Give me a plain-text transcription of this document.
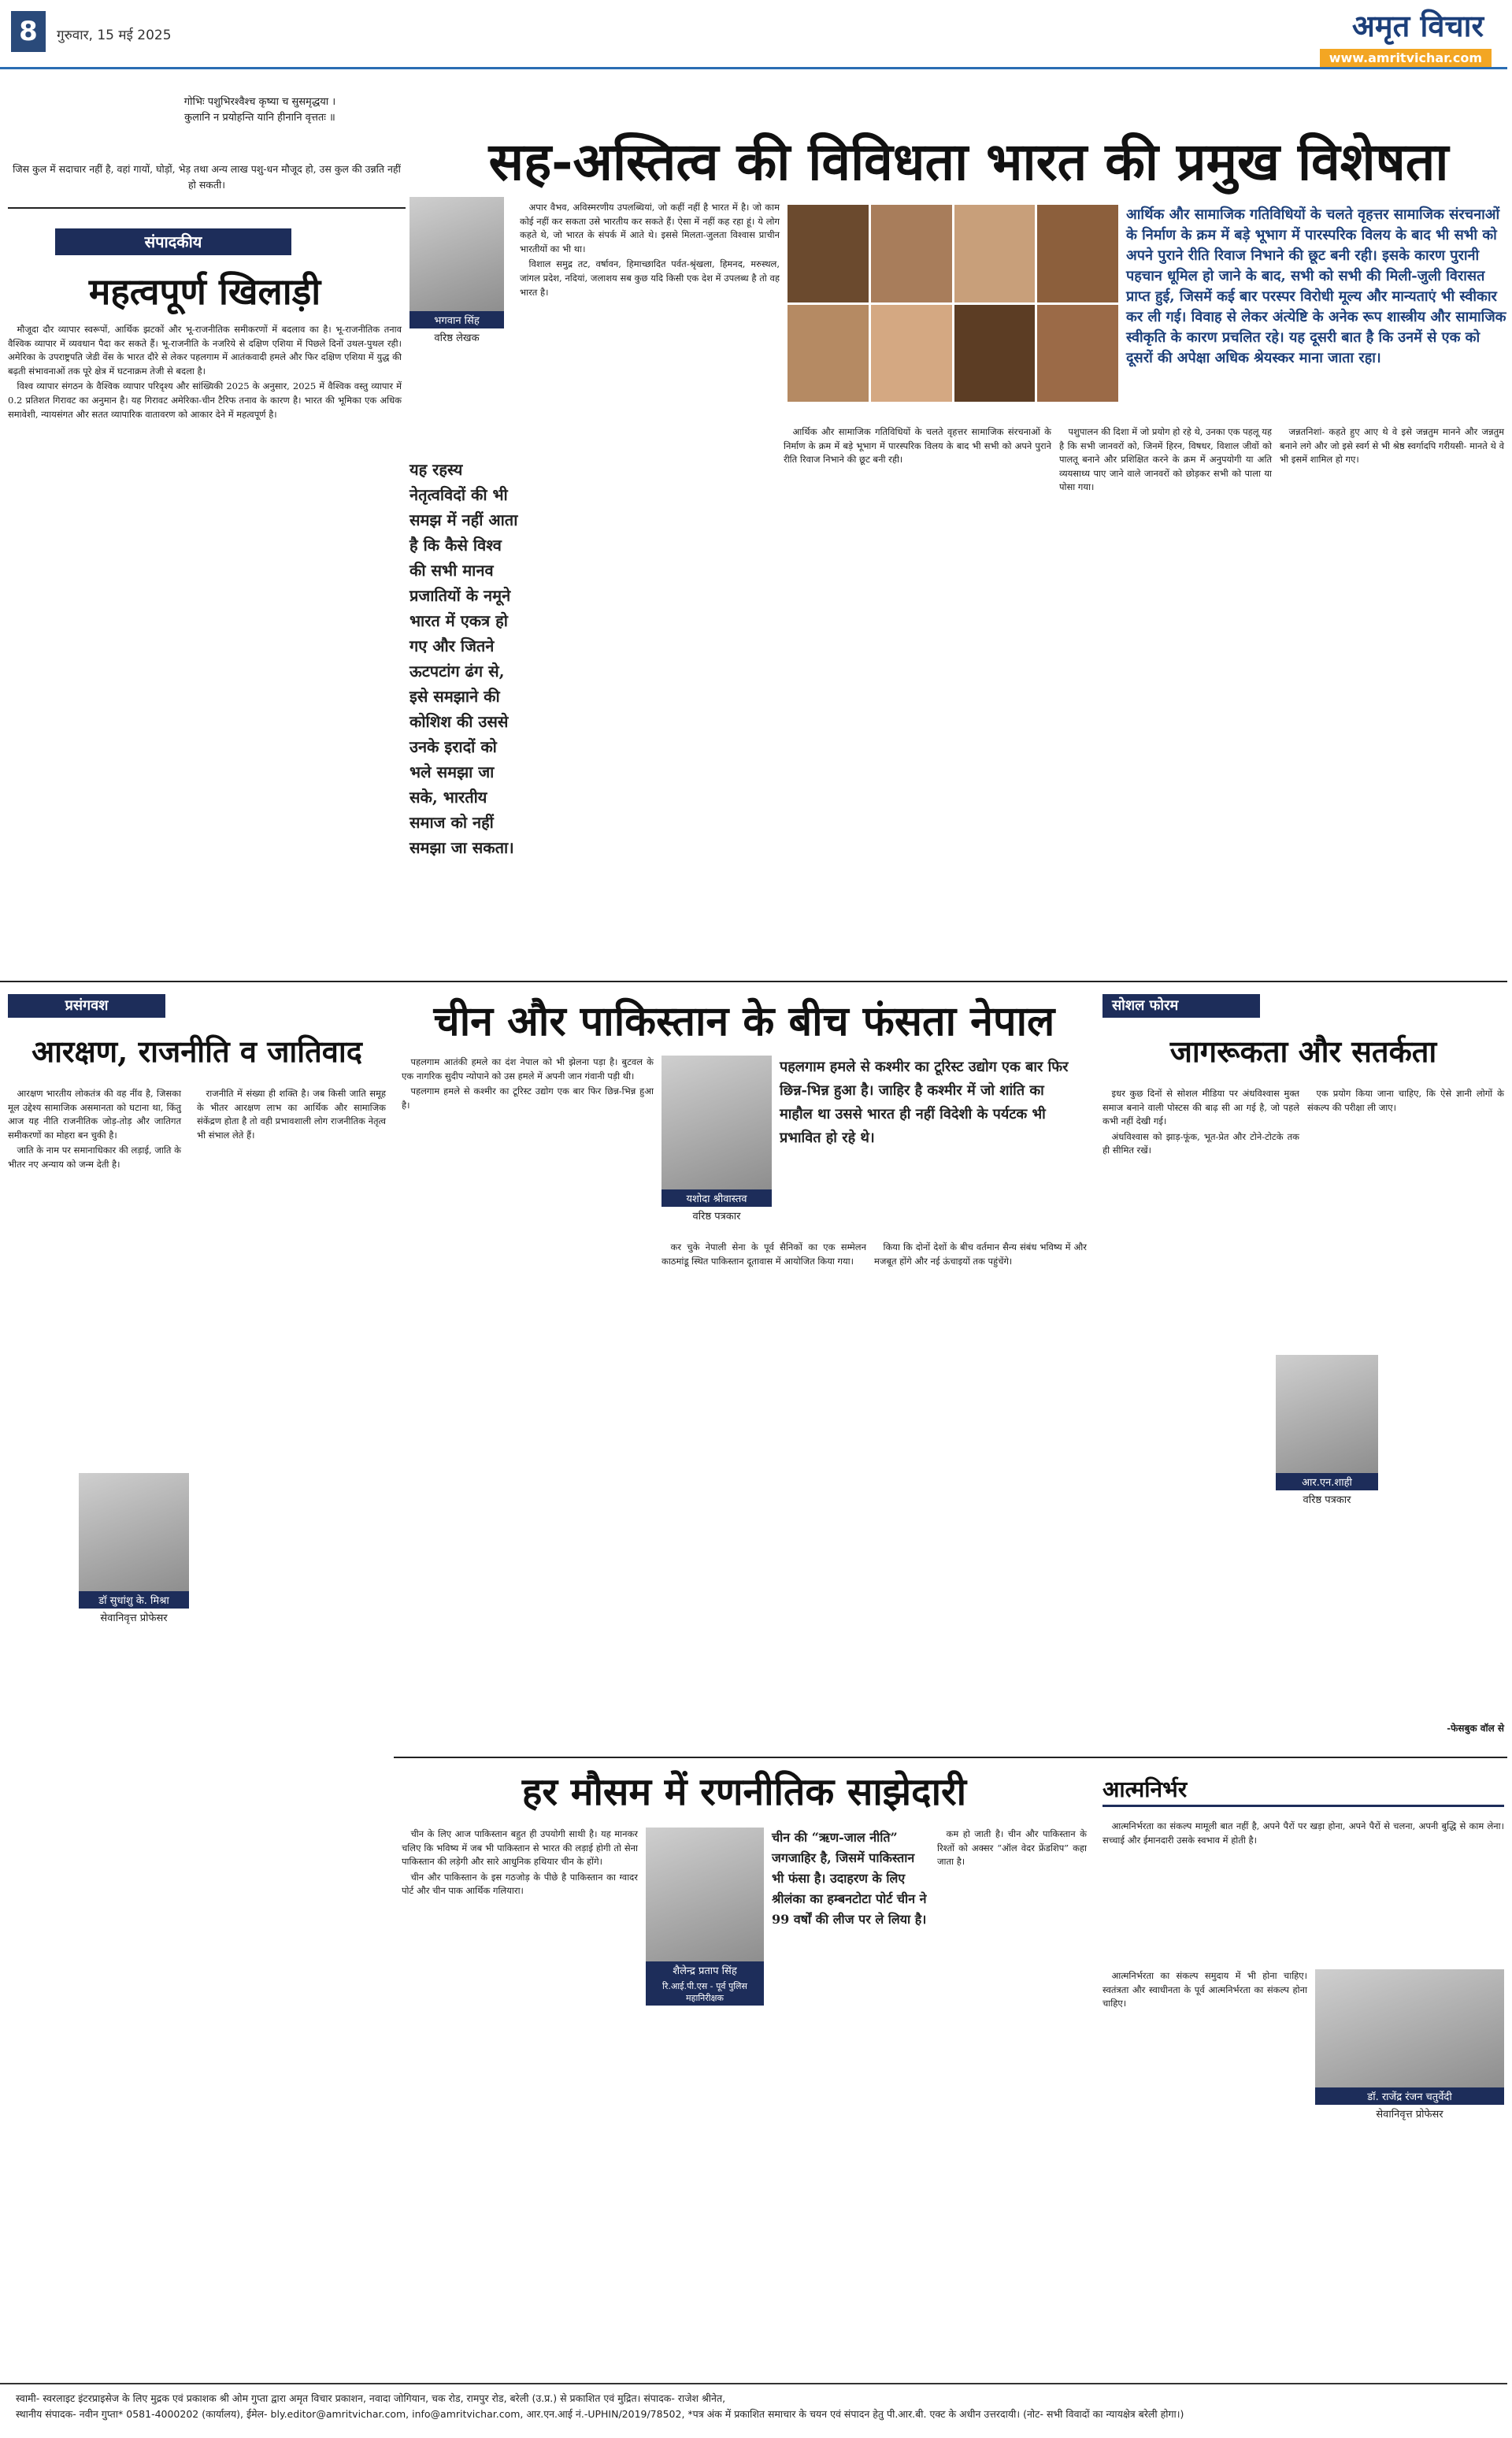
8	गुरुवार, 15 मई 2025	अमृत विचार
www.amritvichar.com
गोभिः पशुभिरश्वैश्च कृष्या च सुसमृद्धया ।
कुलानि न प्रयोहन्ति यानि हीनानि वृत्ततः ॥
जिस कुल में सदाचार नहीं है, वहां गायों, घोड़ों, भेड़ तथा अन्य लाख पशु-धन मौजूद हो, उस कुल की उन्नति नहीं हो सकती।
संपादकीय
महत्वपूर्ण खिलाड़ी

मौजूदा दौर व्यापार स्वरूपों, आर्थिक झटकों और भू-राजनीतिक समीकरणों में बदलाव का है। भू-राजनीतिक तनाव वैश्विक व्यापार में व्यवधान पैदा कर सकते हैं। भू-राजनीति के नजरिये से दक्षिण एशिया में पिछले दिनों उथल-पुथल रही। अमेरिका के उपराष्ट्रपति जेडी वेंस के भारत दौरे से लेकर पहलगाम में आतंकवादी हमले और फिर दक्षिण एशिया में युद्ध की बढ़ती संभावनाओं तक पूरे क्षेत्र में घटनाक्रम तेजी से बदला है।

विश्व व्यापार संगठन के वैश्विक व्यापार परिदृश्य और सांख्यिकी 2025 के अनुसार, 2025 में वैश्विक वस्तु व्यापार में 0.2 प्रतिशत गिरावट का अनुमान है। यह गिरावट अमेरिका-चीन टैरिफ तनाव के कारण है। भारत की भूमिका एक अधिक समावेशी, न्यायसंगत और सतत व्यापारिक वातावरण को आकार देने में महत्वपूर्ण है।

सह-अस्तित्व की विविधता भारत की प्रमुख विशेषता
भगवान सिंह
वरिष्ठ लेखक
यह रहस्य नेतृत्वविदों की भी समझ में नहीं आता है कि कैसे विश्व की सभी मानव प्रजातियों के नमूने भारत में एकत्र हो गए और जितने ऊटपटांग ढंग से, इसे समझाने की कोशिश की उससे उनके इरादों को भले समझा जा सके, भारतीय समाज को नहीं समझा जा सकता।
आर्थिक और सामाजिक गतिविधियों के चलते वृहत्तर सामाजिक संरचनाओं के निर्माण के क्रम में बड़े भूभाग में पारस्परिक विलय के बाद भी सभी को अपने पुराने रीति रिवाज निभाने की छूट बनी रही। इसके कारण पुरानी पहचान धूमिल हो जाने के बाद, सभी को सभी की मिली-जुली विरासत प्राप्त हुई, जिसमें कई बार परस्पर विरोधी मूल्य और मान्यताएं भी स्वीकार कर ली गई। विवाह से लेकर अंत्येष्टि के अनेक रूप शास्त्रीय और सामाजिक स्वीकृति के कारण प्रचलित रहे। यह दूसरी बात है कि उनमें से एक को दूसरों की अपेक्षा अधिक श्रेयस्कर माना जाता रहा।

अपार वैभव, अविस्मरणीय उपलब्धियां, जो कहीं नहीं है भारत में है। जो काम कोई नहीं कर सकता उसे भारतीय कर सकते हैं। ऐसा में नहीं कह रहा हूं। ये लोग कहते थे, जो भारत के संपर्क में आते थे। इससे मिलता-जुलता विश्वास प्राचीन भारतीयों का भी था।

विशाल समुद्र तट, वर्षावन, हिमाच्छादित पर्वत-श्रृंखला, हिमनद, मरुस्थल, जांगल प्रदेश, नदियां, जलाशय सब कुछ यदि किसी एक देश में उपलब्ध है तो वह भारत है।

आर्थिक और सामाजिक गतिविधियों के चलते वृहत्तर सामाजिक संरचनाओं के निर्माण के क्रम में बड़े भूभाग में पारस्परिक विलय के बाद भी सभी को अपने पुराने रीति रिवाज निभाने की छूट बनी रही।

पशुपालन की दिशा में जो प्रयोग हो रहे थे, उनका एक पहलू यह है कि सभी जानवरों को, जिनमें हिरन, विषधर, विशाल जीवों को पालतू बनाने और प्रशिक्षित करने के क्रम में अनुपयोगी या अति व्ययसाध्य पाए जाने वाले जानवरों को छोड़कर सभी को पाला या पोसा गया।

जन्नतनिशां- कहते हुए आए थे वे इसे जन्नतुम मानने और जन्नतुम बनाने लगे और जो इसे स्वर्ग से भी श्रेष्ठ स्वर्गादपि गरीयसी- मानते थे वे भी इसमें शामिल हो गए।

प्रसंगवश
आरक्षण, राजनीति व जातिवाद

आरक्षण भारतीय लोकतंत्र की वह नींव है, जिसका मूल उद्देश्य सामाजिक असमानता को घटाना था, किंतु आज यह नीति राजनीतिक जोड़-तोड़ और जातिगत समीकरणों का मोहरा बन चुकी है।

जाति के नाम पर समानाधिकार की लड़ाई, जाति के भीतर नए अन्याय को जन्म देती है।

डॉ सुधांशु के. मिश्रा
सेवानिवृत्त प्रोफेसर

राजनीति में संख्या ही शक्ति है। जब किसी जाति समूह के भीतर आरक्षण लाभ का आर्थिक और सामाजिक संकेंद्रण होता है तो वही प्रभावशाली लोग राजनीतिक नेतृत्व भी संभाल लेते हैं।

चीन और पाकिस्तान के बीच फंसता नेपाल
यशोदा श्रीवास्तव
वरिष्ठ पत्रकार
पहलगाम हमले से कश्मीर का टूरिस्ट उद्योग एक बार फिर छिन्न-भिन्न हुआ है। जाहिर है कश्मीर में जो शांति का माहौल था उससे भारत ही नहीं विदेशी के पर्यटक भी प्रभावित हो रहे थे।

पहलगाम आतंकी हमले का दंश नेपाल को भी झेलना पड़ा है। बुटवल के एक नागरिक सुदीप न्योपाने को उस हमले में अपनी जान गंवानी पड़ी थी।

पहलगाम हमले से कश्मीर का टूरिस्ट उद्योग एक बार फिर छिन्न-भिन्न हुआ है।

कर चुके नेपाली सेना के पूर्व सैनिकों का एक सम्मेलन काठमांडू स्थित पाकिस्तान दूतावास में आयोजित किया गया।

किया कि दोनों देशों के बीच वर्तमान सैन्य संबंध भविष्य में और मजबूत होंगे और नई ऊंचाइयों तक पहुंचेंगे।

सोशल फोरम
जागरूकता और सतर्कता

इधर कुछ दिनों से सोशल मीडिया पर अंधविश्वास मुक्त समाज बनाने वाली पोस्टस की बाढ़ सी आ गई है, जो पहले कभी नहीं देखी गई।

अंधविश्वास को झाड़-फूंक, भूत-प्रेत और टोने-टोटके तक ही सीमित रखें।

आर.एन.शाही
वरिष्ठ पत्रकार

एक प्रयोग किया जाना चाहिए, कि ऐसे ज्ञानी लोगों के संकल्प की परीक्षा ली जाए।

-फेसबुक वॉल से
हर मौसम में रणनीतिक साझेदारी

चीन के लिए आज पाकिस्तान बहुत ही उपयोगी साथी है। यह मानकर चलिए कि भविष्य में जब भी पाकिस्तान से भारत की लड़ाई होगी तो सेना पाकिस्तान की लड़ेगी और सारे आधुनिक हथियार चीन के होंगे।

चीन और पाकिस्तान के इस गठजोड़ के पीछे है पाकिस्तान का ग्वादर पोर्ट और चीन पाक आर्थिक गलियारा।

शैलेन्द्र प्रताप सिंह
रि.आई.पी.एस - पूर्व पुलिस महानिरीक्षक
चीन की “ऋण-जाल नीति” जगजाहिर है, जिसमें पाकिस्तान भी फंसा है। उदाहरण के लिए श्रीलंका का हम्बनटोटा पोर्ट चीन ने 99 वर्षों की लीज पर ले लिया है।

कम हो जाती है। चीन और पाकिस्तान के रिश्तों को अक्सर “ऑल वेदर फ्रेंडशिप” कहा जाता है।

आत्मनिर्भर

आत्मनिर्भरता का संकल्प मामूली बात नहीं है, अपने पैरों पर खड़ा होना, अपने पैरों से चलना, अपनी बुद्धि से काम लेना। सच्चाई और ईमानदारी उसके स्वभाव में होती है।

आत्मनिर्भरता का संकल्प समुदाय में भी होना चाहिए। स्वतंत्रता और स्वाधीनता के पूर्व आत्मनिर्भरता का संकल्प होना चाहिए।

डॉ. राजेंद्र रंजन चतुर्वेदी
सेवानिवृत्त प्रोफेसर
स्वामी- स्वरलाइट इंटरप्राइसेज के लिए मुद्रक एवं प्रकाशक श्री ओम गुप्ता द्वारा अमृत विचार प्रकाशन, नवादा जोगियान, चक रोड, रामपुर रोड, बरेली (उ.प्र.) से प्रकाशित एवं मुद्रित। संपादक- राजेश श्रीनेत,
स्थानीय संपादक- नवीन गुप्ता* 0581-4000202 (कार्यालय), ईमेल- bly.editor@amritvichar.com, info@amritvichar.com, आर.एन.आई नं.-UPHIN/2019/78502, *पत्र अंक में प्रकाशित समाचार के चयन एवं संपादन हेतु पी.आर.बी. एक्ट के अधीन उत्तरदायी। (नोट- सभी विवादों का न्यायक्षेत्र बरेली होगा।)
